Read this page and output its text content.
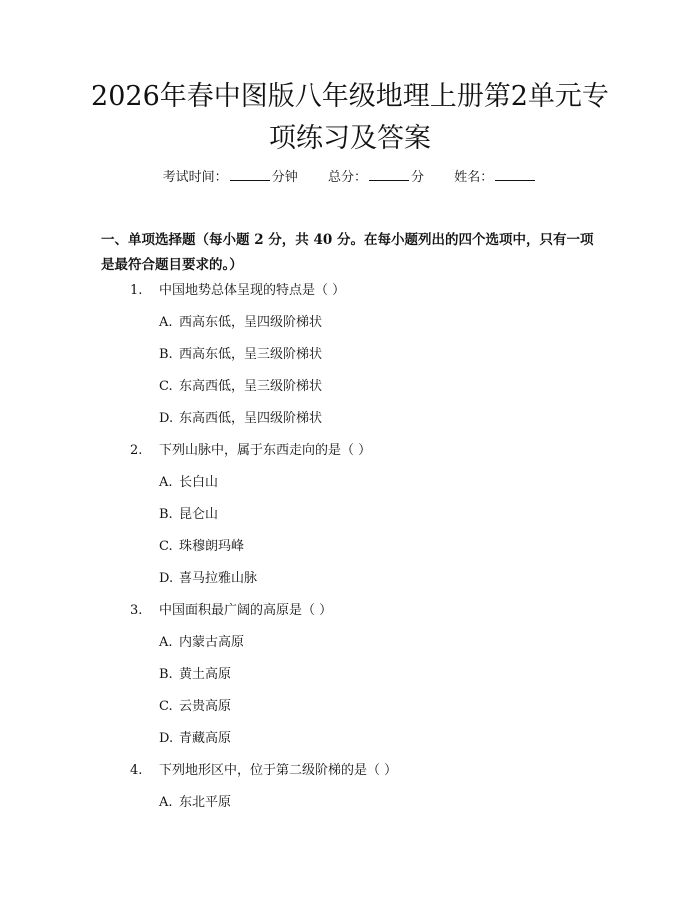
2026年春中图版八年级地理上册第2单元专项练习及答案
考试时间：	分钟 总分：	分 姓名：

一、单项选择题（每小题 2 分，共 40 分。在每小题列出的四个选项中，只有一项是最符合题目要求的。）

1. 中国地势总体呈现的特点是（ ）
A. 西高东低，呈四级阶梯状
B. 西高东低，呈三级阶梯状
C. 东高西低，呈三级阶梯状
D. 东高西低，呈四级阶梯状
2. 下列山脉中，属于东西走向的是（ ）
A. 长白山
B. 昆仑山
C. 珠穆朗玛峰
D. 喜马拉雅山脉
3. 中国面积最广阔的高原是（ ）
A. 内蒙古高原
B. 黄土高原
C. 云贵高原
D. 青藏高原
4. 下列地形区中，位于第二级阶梯的是（ ）
A. 东北平原
